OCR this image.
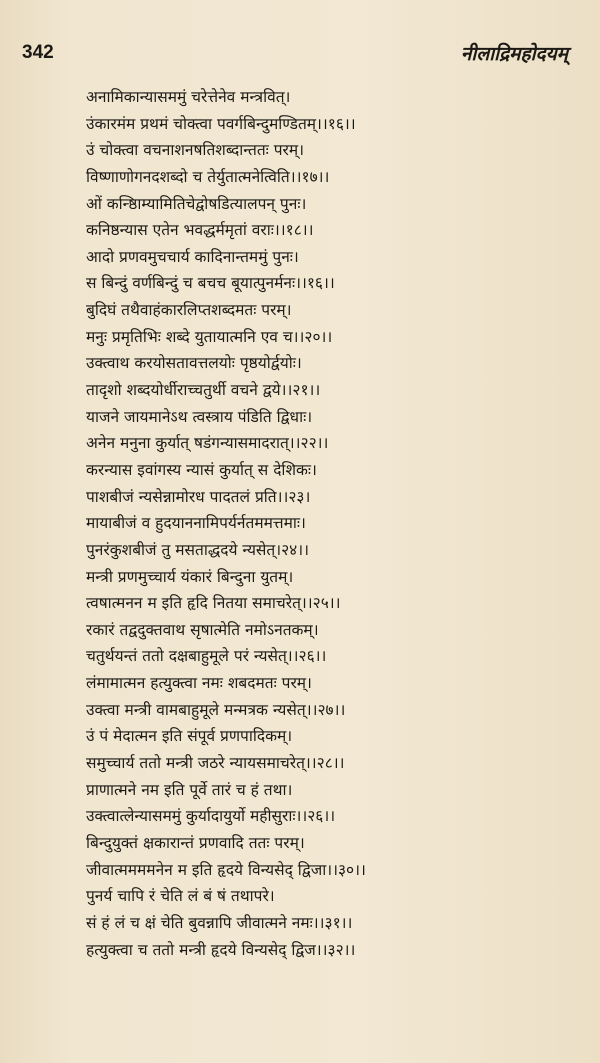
342	नीलाद्रिमहोदयम्
अनामिकान्यासममुं चरेत्तेनेव मन्त्रवित्।
उंकारमंम प्रथमं चोक्त्वा पवर्गबिन्दुमण्डितम्।।१६।।
उं चोक्त्वा वचनाशनषतिशब्दान्ततः परम्।
विष्णाणोगनदशब्दो च तेर्युतात्मनेत्विति।।१७।।
ओं कन्ष्ठिाम्यामितिचेद्वोषडित्यालपन् पुनः।
कनिष्ठन्यास एतेन भवद्धर्ममृतां वराः।।१८।।
आदो प्रणवमुचचार्य कादिनान्तममुं पुनः।
स बिन्दुं वर्णबिन्दुं च बचच बूयात्पुनर्मनः।।१६।।
बुदिघं तथैवाहंकारलिप्तशब्दमतः परम्।
मनुः प्रमृतिभिः शब्दे युतायात्मनि एव च।।२०।।
उक्त्वाथ करयोसतावत्तलयोः पृष्ठयोर्द्वयोः।
तादृशो शब्दयोर्धीराच्चतुर्थी वचने द्वये।।२१।।
याजने जायमानेऽथ त्वस्त्राय पंडिति द्विधाः।
अनेन मनुना कुर्यात् षडंगन्यासमादरात्।।२२।।
करन्यास इवांगस्य न्यासं कुर्यात् स देशिकः।
पाशबीजं न्यसेन्नामोरध पादतलं प्रति।।२३।
मायाबीजं व हुदयाननामिपर्यर्नतममत्तमाः।
पुनरंकुशबीजं तु मसताद्धदये न्यसेत्।२४।।
मन्त्री प्रणमुच्चार्य यंकारं बिन्दुना युतम्।
त्वषात्मनन म इति हृदि नितया समाचरेत्।।२५।।
रकारं तद्वदुक्तवाथ सृषात्मेति नमोऽनतकम्।
चतुर्थयन्तं ततो दक्षबाहुमूले परं न्यसेत्।।२६।।
लंमामात्मन हत्युक्त्वा नमः शबदमतः परम्।
उक्त्वा मन्त्री वामबाहुमूले मन्मत्रक न्यसेत्।।२७।।
उं पं मेदात्मन इति संपूर्व प्रणपादिकम्।
समुच्चार्य ततो मन्त्री जठरे न्यायसमाचरेत्।।२८।।
प्राणात्मने नम इति पूर्वे तारं च हं तथा।
उक्त्वात्लेन्यासममुं कुर्यादायुर्यो महीसुराः।।२६।।
बिन्दुयुक्तं क्षकारान्तं प्रणवादि ततः परम्।
जीवात्ममममनेन म इति हृदये विन्यसेद् द्विजा।।३०।।
पुनर्य चापि रं चेति लं बं षं तथापरे।
सं हं लं च क्षं चेति बुवन्नापि जीवात्मने नमः।।३१।।
हत्युक्त्वा च ततो मन्त्री हृदये विन्यसेद् द्विज।।३२।।
